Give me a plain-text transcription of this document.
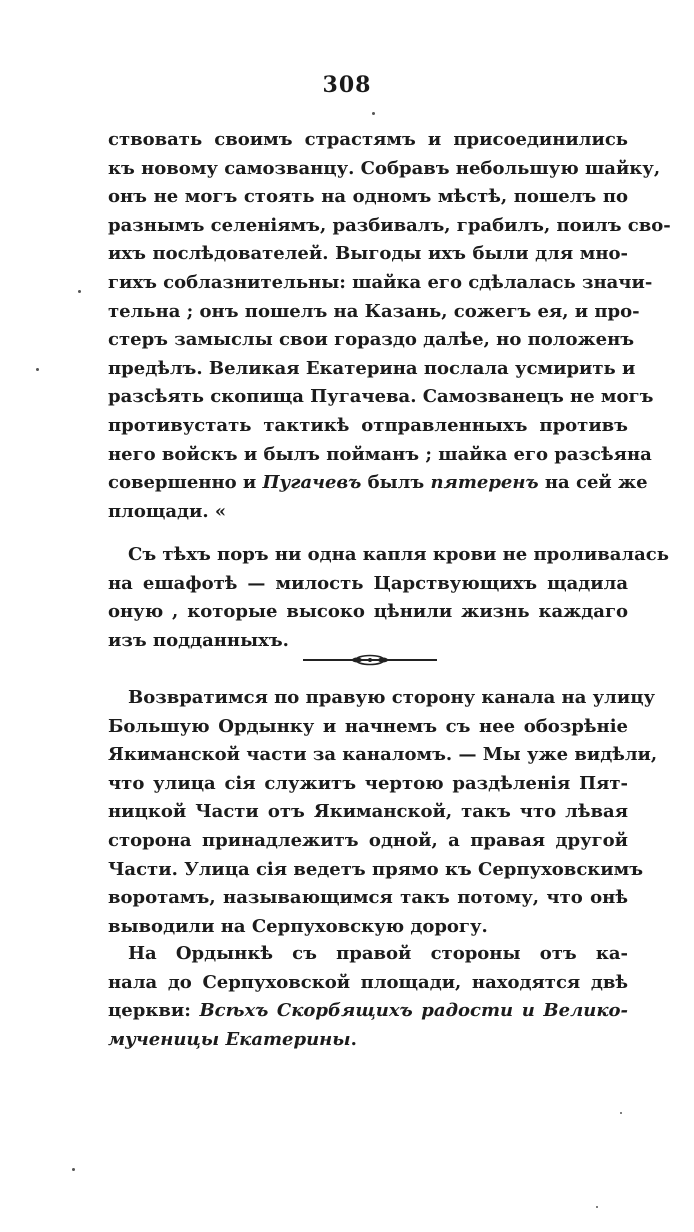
308
ствовать своимъ страстямъ и присоединились
къ новому самозванцу. Собравъ небольшую шайку,
онъ не могъ стоять на одномъ мѣстѣ, пошелъ по
разнымъ селеніямъ, разбивалъ, грабилъ, поилъ сво-
ихъ послѣдователей. Выгоды ихъ были для мно-
гихъ соблазнительны: шайка его сдѣлалась значи-
тельна ; онъ пошелъ на Казань, сожегъ ея, и про-
стеръ замыслы свои гораздо далѣе, но положенъ
предѣлъ. Великая Екатерина послала усмирить и
разсѣять скопища Пугачева. Самозванецъ не могъ
противустать тактикѣ отправленныхъ противъ
него войскъ и былъ пойманъ ; шайка его разсѣяна
совершенно и Пугачевъ былъ пятеренъ на сей же
площади. «
Съ тѣхъ поръ ни одна капля крови не проливалась
на ешафотѣ — милость Царствующихъ щадила
оную , которые высоко цѣнили жизнь каждаго
изъ подданныхъ.
Возвратимся по правую сторону канала на улицу
Большую Ордынку и начнемъ съ нее обозрѣніе
Якиманской части за каналомъ. — Мы уже видѣли,
что улица сія служитъ чертою раздѣленія Пят-
ницкой Части отъ Якиманской, такъ что лѣвая
сторона принадлежитъ одной, а правая другой
Части. Улица сія ведетъ прямо къ Серпуховскимъ
воротамъ, называющимся такъ потому, что онѣ
выводили на Серпуховскую дорогу.
На Ордынкѣ съ правой стороны отъ ка-
нала до Серпуховской площади, находятся двѣ
церкви: Всѣхъ Скорбящихъ радости и Велико-
мученицы Екатерины.
